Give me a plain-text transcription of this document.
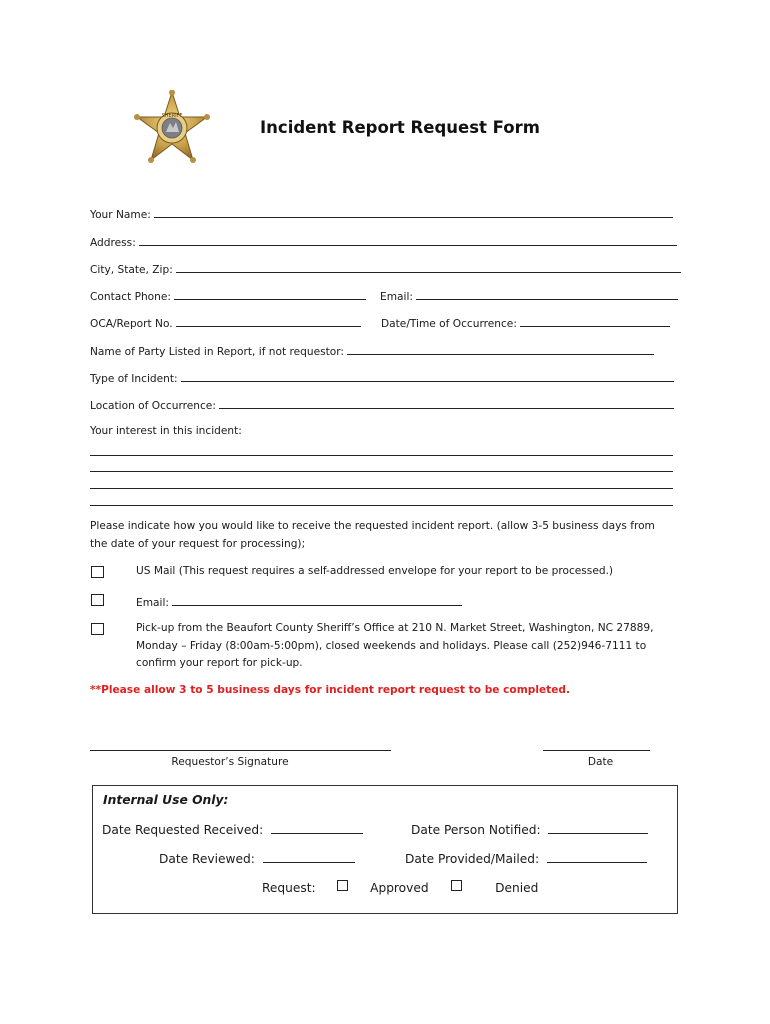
SHERIFF
Incident Report Request Form
Your Name:
Address:
City, State, Zip:
Contact Phone:	Email:
OCA/Report No.	Date/Time of Occurrence:
Name of Party Listed in Report, if not requestor:
Type of Incident:
Location of Occurrence:
Your interest in this incident:
Please indicate how you would like to receive the requested incident report. (allow 3-5 business days from the date of your request for processing);
US Mail (This request requires a self-addressed envelope for your report to be processed.)
Email:
Pick-up from the Beaufort County Sheriff’s Office at 210 N. Market Street, Washington, NC 27889, Monday – Friday (8:00am-5:00pm), closed weekends and holidays. Please call (252)946-7111 to confirm your report for pick-up.
**Please allow 3 to 5 business days for incident report request to be completed.
Requestor’s Signature	Date
Internal Use Only:
Date Requested Received:	Date Person Notified:
Date Reviewed:	Date Provided/Mailed:
Request:	Approved	Denied
